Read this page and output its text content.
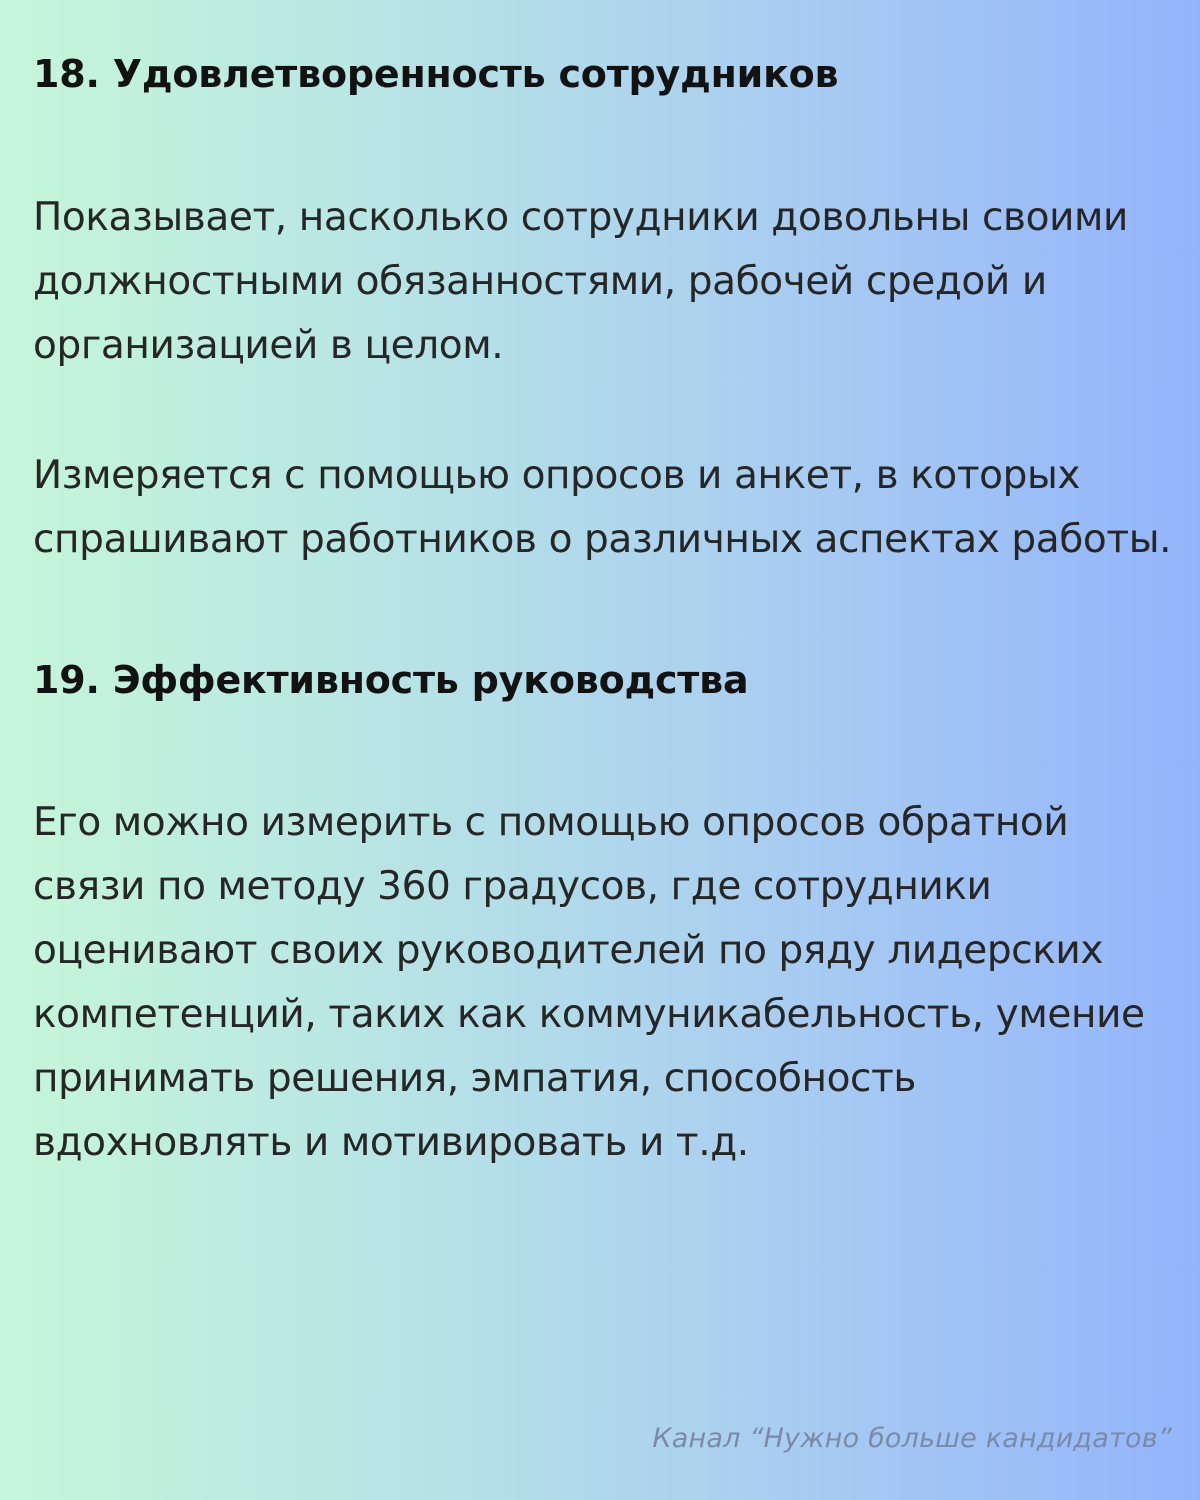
18. Удовлетворенность сотрудников

Показывает, насколько сотрудники довольны своими должностными обязанностями, рабочей средой и организацией в целом.

Измеряется с помощью опросов и анкет, в которых спрашивают работников о различных аспектах работы.

19. Эффективность руководства

Его можно измерить с помощью опросов обратной связи по методу 360 градусов, где сотрудники оценивают своих руководителей по ряду лидерских компетенций, таких как коммуникабельность, умение принимать решения, эмпатия, способность вдохновлять и мотивировать и т.д.

Канал “Нужно больше кандидатов”
